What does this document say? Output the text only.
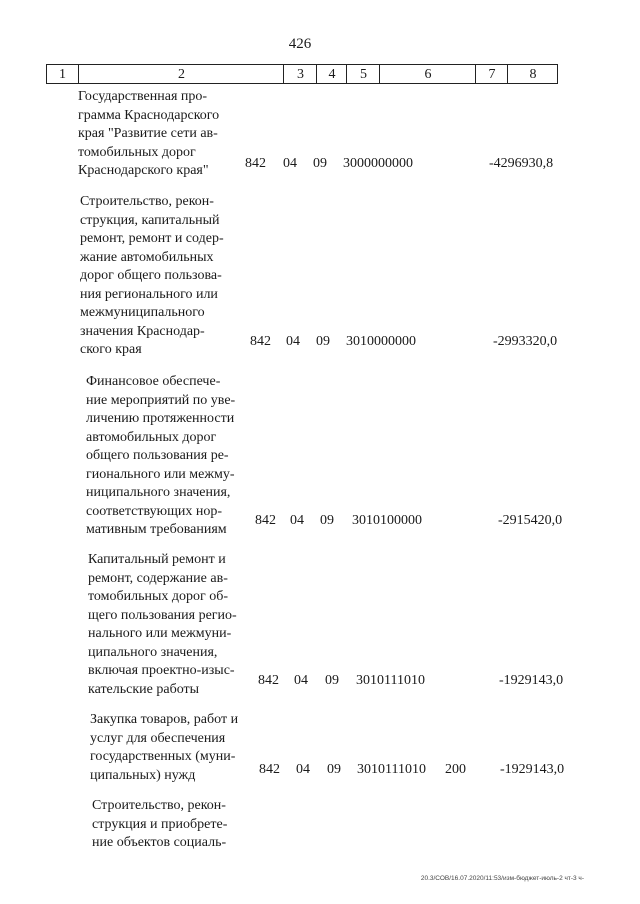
426
1	2	3	4	5	6	7	8
Государственная про-
грамма Краснодарского
края "Развитие сети ав-
томобильных дорог
Краснодарского края"	842 04 09 3000000000	-4296930,8
Строительство, рекон-
струкция, капитальный
ремонт, ремонт и содер-
жание автомобильных
дорог общего пользова-
ния регионального или
межмуниципального
значения Краснодар-
ского края
842 04 09 3010000000	-2993320,0
Финансовое обеспече-
ние мероприятий по уве-
личению протяженности
автомобильных дорог
общего пользования ре-
гионального или межму-
ниципального значения,
соответствующих нор-
мативным требованиям
842 04 09 3010100000	-2915420,0
Капитальный ремонт и
ремонт, содержание ав-
томобильных дорог об-
щего пользования регио-
нального или межмуни-
ципального значения,
включая проектно-изыс-
кательские работы
842 04 09 3010111010	-1929143,0
Закупка товаров, работ и
услуг для обеспечения
государственных (муни-
ципальных) нужд	842 04 09 3010111010 200 -1929143,0
Строительство, рекон-
струкция и приобрете-
ние объектов социаль-
20.3/СОВ/16.07.2020/11:53/изм-бюджет-июль-2 чт-3 ч-
